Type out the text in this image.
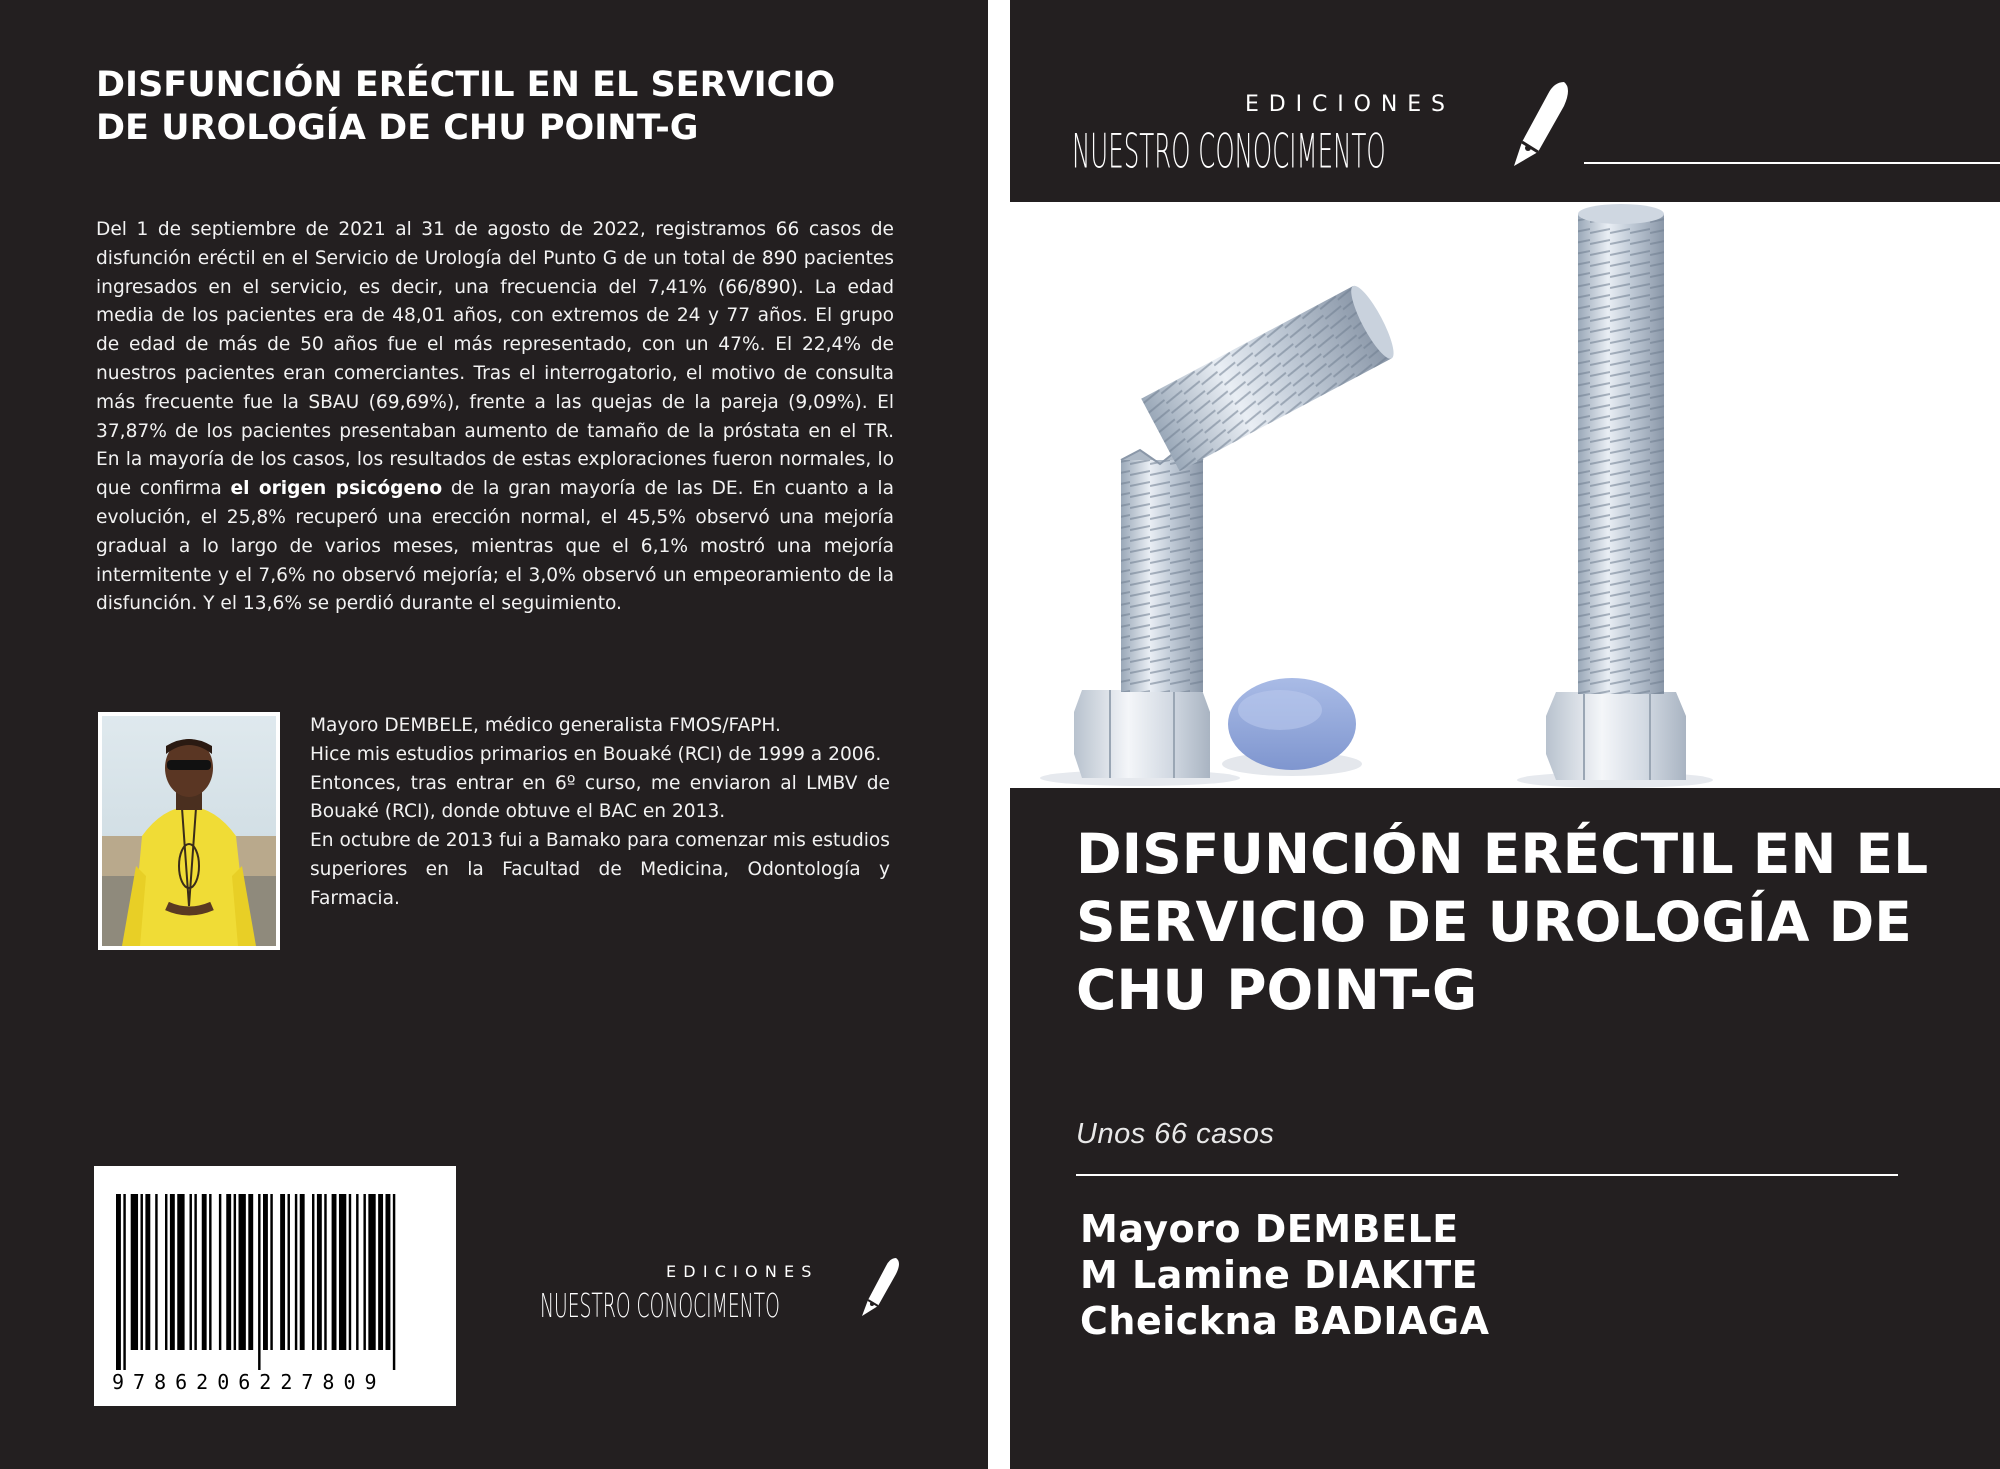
DISFUNCIÓN ERÉCTIL EN EL SERVICIO DE UROLOGÍA DE CHU POINT-G

Del 1 de septiembre de 2021 al 31 de agosto de 2022, registramos 66 casos de disfunción eréctil en el Servicio de Urología del Punto G de un total de 890 pacientes ingresados en el servicio, es decir, una frecuencia del 7,41% (66/890). La edad media de los pacientes era de 48,01 años, con extremos de 24 y 77 años. El grupo de edad de más de 50 años fue el más representado, con un 47%. El 22,4% de nuestros pacientes eran comerciantes. Tras el interrogatorio, el motivo de consulta más frecuente fue la SBAU (69,69%), frente a las quejas de la pareja (9,09%). El 37,87% de los pacientes presentaban aumento de tamaño de la próstata en el TR. En la mayoría de los casos, los resultados de estas exploraciones fueron normales, lo que confirma el origen psicógeno de la gran mayoría de las DE. En cuanto a la evolución, el 25,8% recuperó una erección normal, el 45,5% observó una mejoría gradual a lo largo de varios meses, mientras que el 6,1% mostró una mejoría intermitente y el 7,6% no observó mejoría; el 3,0% observó un empeoramiento de la disfunción. Y el 13,6% se perdió durante el seguimiento.

Mayoro DEMBELE, médico generalista FMOS/FAPH.

Hice mis estudios primarios en Bouaké (RCI) de 1999 a 2006.

Entonces, tras entrar en 6º curso, me enviaron al LMBV de Bouaké (RCI), donde obtuve el BAC en 2013.

En octubre de 2013 fui a Bamako para comenzar mis estudios superiores en la Facultad de Medicina, Odontología y Farmacia.

9786206227809
EDICIONES
NUESTRO CONOCIMENTO
EDICIONES
NUESTRO CONOCIMENTO
DISFUNCIÓN ERÉCTIL EN EL SERVICIO DE UROLOGÍA DE CHU POINT-G
Unos 66 casos
Mayoro DEMBELE
M Lamine DIAKITE
Cheickna BADIAGA
